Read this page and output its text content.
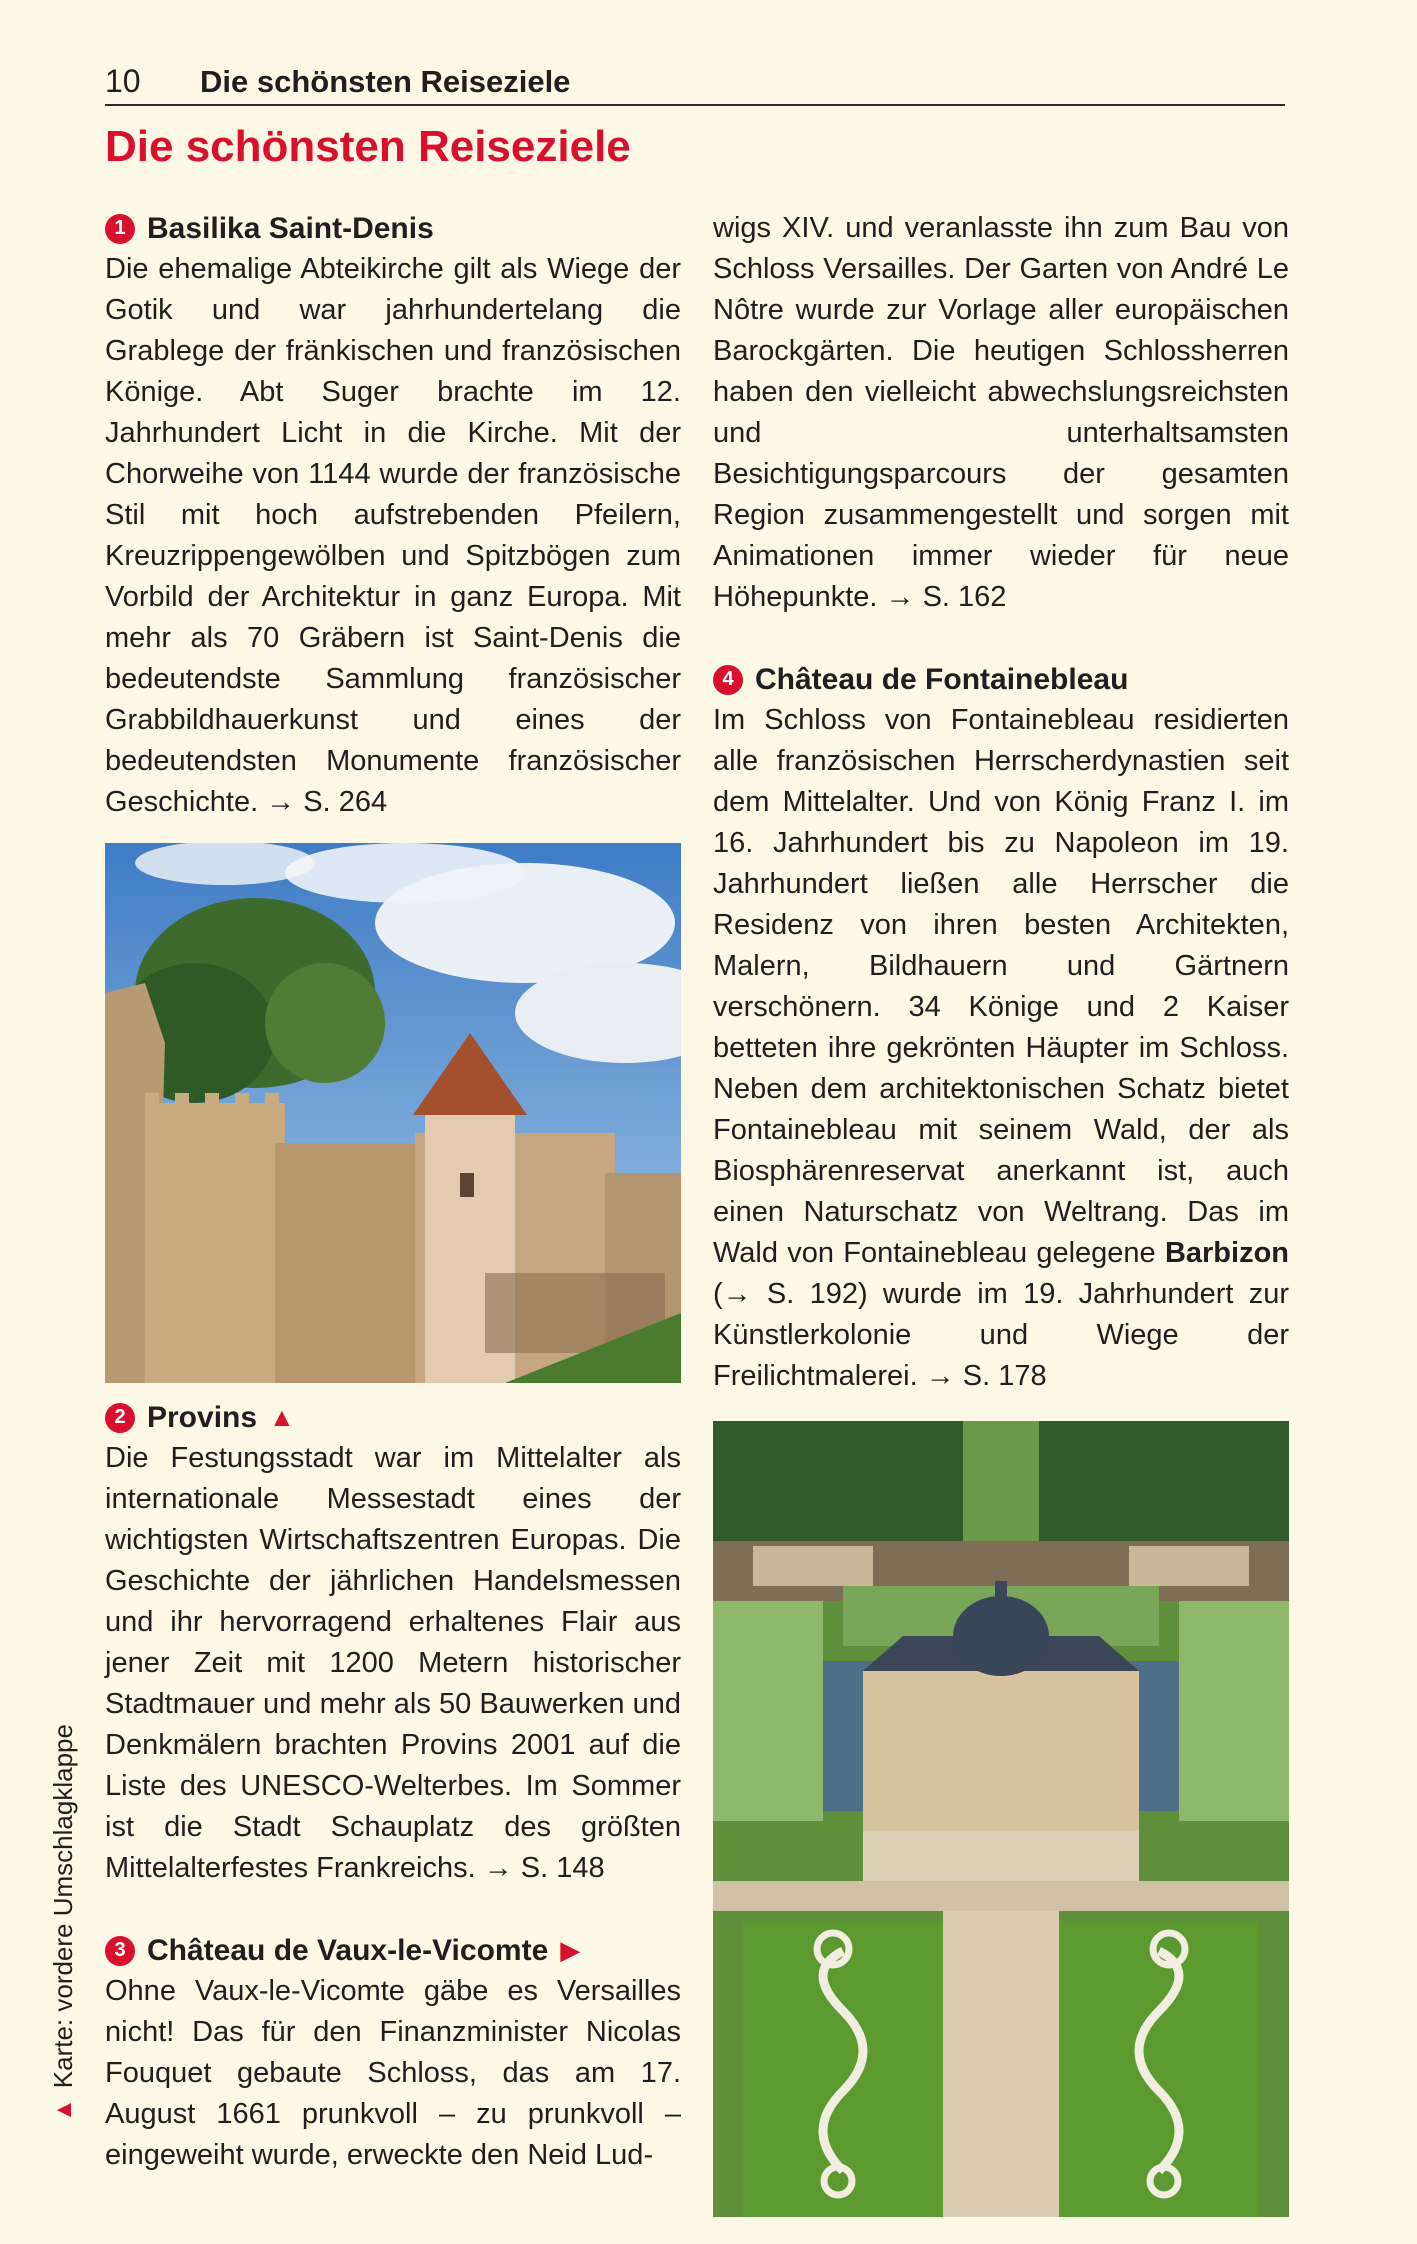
10	Die schönsten Reiseziele
Die schönsten Reiseziele
1 Basilika Saint-Denis

Die ehemalige Abteikirche gilt als Wiege der Gotik und war jahrhundertelang die Grablege der fränkischen und französischen Könige. Abt Suger brachte im 12. Jahrhundert Licht in die Kirche. Mit der Chorweihe von 1144 wurde der französische Stil mit hoch aufstrebenden Pfeilern, Kreuzrippengewölben und Spitzbögen zum Vorbild der Architektur in ganz Europa. Mit mehr als 70 Gräbern ist Saint-Denis die bedeutendste Sammlung französischer Grabbildhauerkunst und eines der bedeutendsten Monumente französischer Geschichte. → S. 264

2 Provins ▲

Die Festungsstadt war im Mittelalter als internationale Messestadt eines der wichtigsten Wirtschaftszentren Europas. Die Geschichte der jährlichen Handelsmessen und ihr hervorragend erhaltenes Flair aus jener Zeit mit 1200 Metern historischer Stadtmauer und mehr als 50 Bauwerken und Denkmälern brachten Provins 2001 auf die Liste des UNESCO-Welterbes. Im Sommer ist die Stadt Schauplatz des größten Mittelalterfestes Frankreichs. → S. 148

3 Château de Vaux-le-Vicomte ▶

Ohne Vaux-le-Vicomte gäbe es Versailles nicht! Das für den Finanzminister Nicolas Fouquet gebaute Schloss, das am 17. August 1661 prunkvoll – zu prunkvoll – eingeweiht wurde, erweckte den Neid Lud-

wigs XIV. und veranlasste ihn zum Bau von Schloss Versailles. Der Garten von André Le Nôtre wurde zur Vorlage aller europäischen Barockgärten. Die heutigen Schlossherren haben den vielleicht abwechslungsreichsten und unterhaltsamsten Besichtigungsparcours der gesamten Region zusammengestellt und sorgen mit Animationen immer wieder für neue Höhepunkte. → S. 162

4 Château de Fontainebleau

Im Schloss von Fontainebleau residierten alle französischen Herrscherdynastien seit dem Mittelalter. Und von König Franz I. im 16. Jahrhundert bis zu Napoleon im 19. Jahrhundert ließen alle Herrscher die Residenz von ihren besten Architekten, Malern, Bildhauern und Gärtnern verschönern. 34 Könige und 2 Kaiser betteten ihre gekrönten Häupter im Schloss. Neben dem architektonischen Schatz bietet Fontainebleau mit seinem Wald, der als Biosphärenreservat anerkannt ist, auch einen Naturschatz von Weltrang. Das im Wald von Fontainebleau gelegene Barbizon (→ S. 192) wurde im 19. Jahrhundert zur Künstlerkolonie und Wiege der Freilichtmalerei. → S. 178

▲
Karte: vordere Umschlagklappe
